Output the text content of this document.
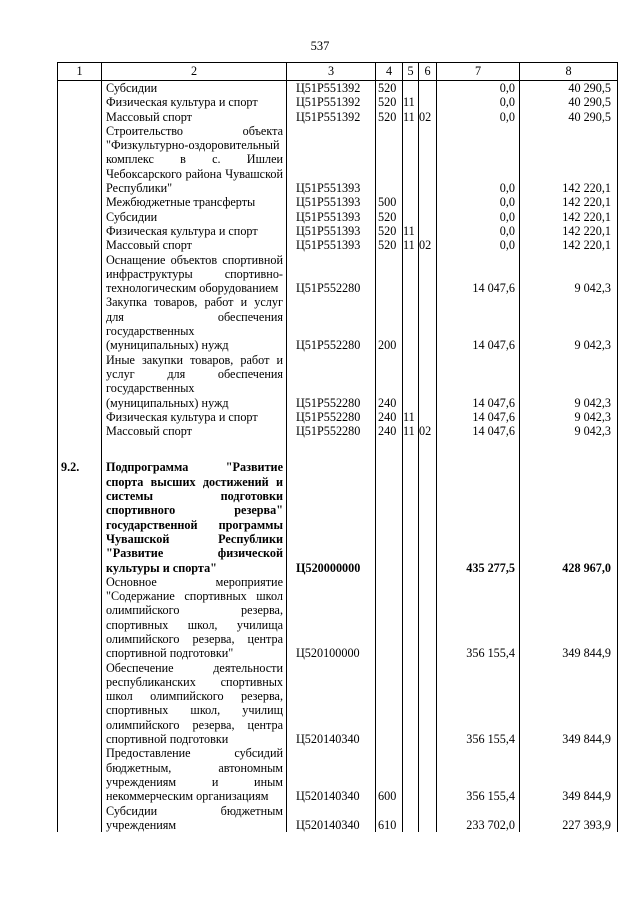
537
1	2	3	4	5	6	7	8
	Субсидии	Ц51P551392	520			0,0	40 290,5
	Физическая культура и спорт	Ц51P551392	520	11		0,0	40 290,5
	Массовый спорт	Ц51P551392	520	11	02	0,0	40 290,5
	Строительство объекта "Физкультурно-оздоровительный комплекс в с. Ишлеи Чебоксарского района Чувашской Республики"	Ц51P551393				0,0	142 220,1
	Межбюджетные трансферты	Ц51P551393	500			0,0	142 220,1
	Субсидии	Ц51P551393	520			0,0	142 220,1
	Физическая культура и спорт	Ц51P551393	520	11		0,0	142 220,1
	Массовый спорт	Ц51P551393	520	11	02	0,0	142 220,1
	Оснащение объектов спортивной инфраструктуры спортивно-технологическим оборудованием	Ц51P552280				14 047,6	9 042,3
	Закупка товаров, работ и услуг для обеспечения государственных (муниципальных) нужд	Ц51P552280	200			14 047,6	9 042,3
	Иные закупки товаров, работ и услуг для обеспечения государственных (муниципальных) нужд	Ц51P552280	240			14 047,6	9 042,3
	Физическая культура и спорт	Ц51P552280	240	11		14 047,6	9 042,3
	Массовый спорт	Ц51P552280	240	11	02	14 047,6	9 042,3

9.2.	Подпрограмма "Развитие спорта высших достижений и системы подготовки спортивного резерва" государственной программы Чувашской Республики "Развитие физической культуры и спорта"	Ц520000000				435 277,5	428 967,0
	Основное мероприятие "Содержание спортивных школ олимпийского резерва, спортивных школ, училища олимпийского резерва, центра спортивной подготовки"	Ц520100000				356 155,4	349 844,9
	Обеспечение деятельности республиканских спортивных школ олимпийского резерва, спортивных школ, училищ олимпийского резерва, центра спортивной подготовки	Ц520140340				356 155,4	349 844,9
	Предоставление субсидий бюджетным, автономным учреждениям и иным некоммерческим организациям	Ц520140340	600			356 155,4	349 844,9
	Субсидии бюджетным учреждениям	Ц520140340	610			233 702,0	227 393,9
